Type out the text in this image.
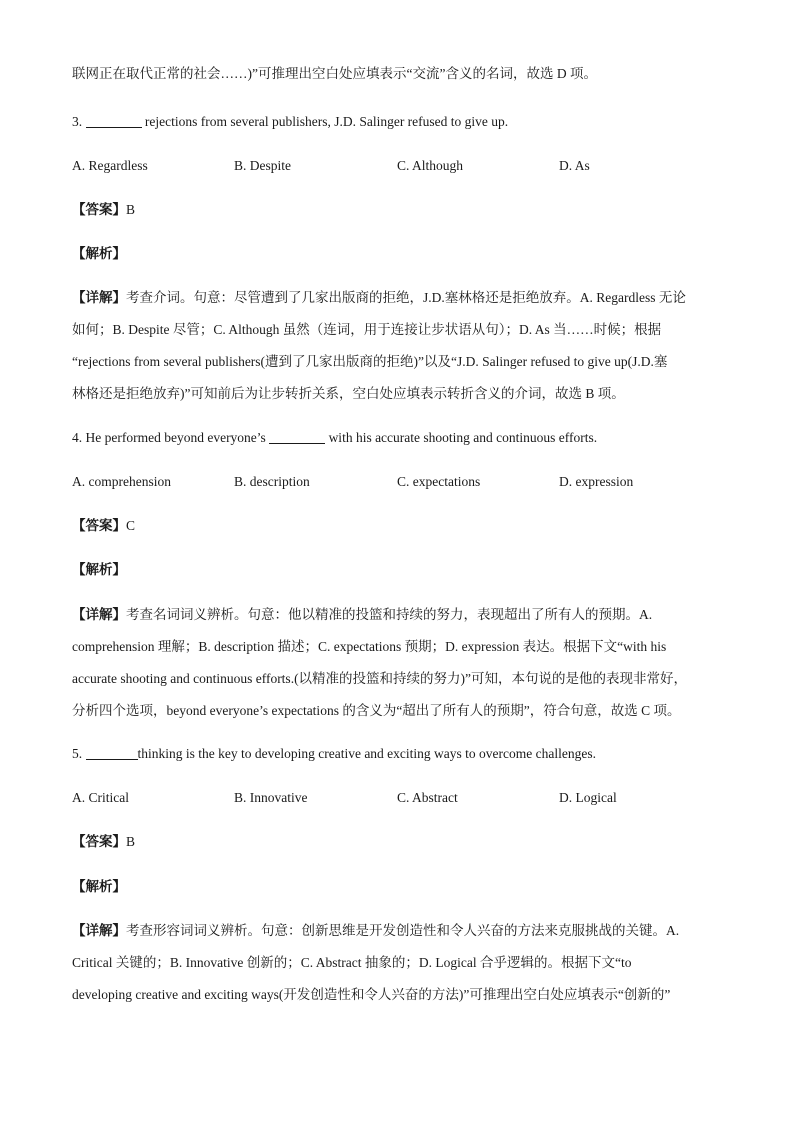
联网正在取代正常的社会……)”可推理出空白处应填表示“交流”含义的名词，故选 D 项。
3.	rejections from several publishers, J.D. Salinger refused to give up.
A. Regardless	B. Despite	C. Although	D. As
【答案】B
【解析】
【详解】考查介词。句意：尽管遭到了几家出版商的拒绝，J.D.塞林格还是拒绝放弃。A. Regardless 无论
如何；B. Despite 尽管；C. Although 虽然（连词，用于连接让步状语从句）；D. As 当……时候；根据
“rejections from several publishers(遭到了几家出版商的拒绝)”以及“J.D. Salinger refused to give up(J.D.塞
林格还是拒绝放弃)”可知前后为让步转折关系，空白处应填表示转折含义的介词，故选 B 项。
4. He performed beyond everyone’s	with his accurate shooting and continuous efforts.
A. comprehension	B. description	C. expectations	D. expression
【答案】C
【解析】
【详解】考查名词词义辨析。句意：他以精准的投篮和持续的努力，表现超出了所有人的预期。A.
comprehension 理解；B. description 描述；C. expectations 预期；D. expression 表达。根据下文“with his
accurate shooting and continuous efforts.(以精准的投篮和持续的努力)”可知，本句说的是他的表现非常好，
分析四个选项，beyond everyone’s expectations 的含义为“超出了所有人的预期”，符合句意，故选 C 项。
5.	thinking is the key to developing creative and exciting ways to overcome challenges.
A. Critical	B. Innovative	C. Abstract	D. Logical
【答案】B
【解析】
【详解】考查形容词词义辨析。句意：创新思维是开发创造性和令人兴奋的方法来克服挑战的关键。A.
Critical 关键的；B. Innovative 创新的；C. Abstract 抽象的；D. Logical 合乎逻辑的。根据下文“to
developing creative and exciting ways(开发创造性和令人兴奋的方法)”可推理出空白处应填表示“创新的”
